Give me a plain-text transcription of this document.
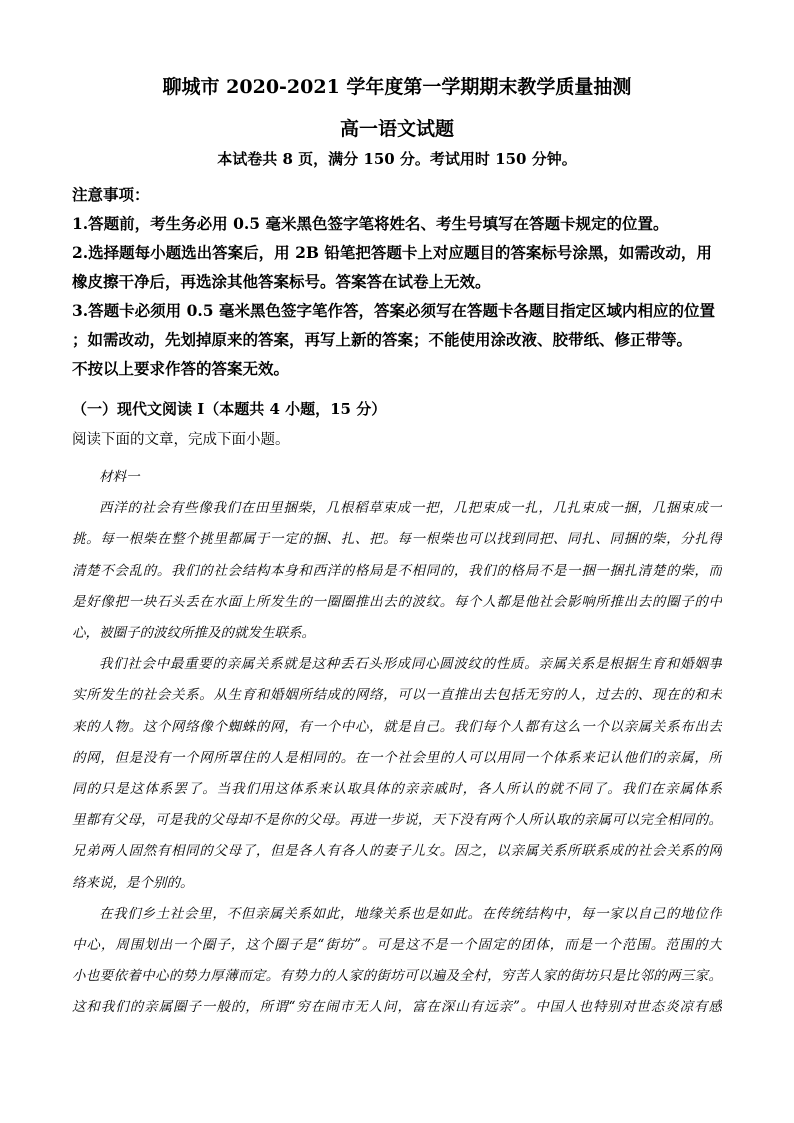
聊城市 2020-2021 学年度第一学期期末教学质量抽测
高一语文试题
本试卷共 8 页，满分 150 分。考试用时 150 分钟。
注意事项：
1.答题前，考生务必用 0.5 毫米黑色签字笔将姓名、考生号填写在答题卡规定的位置。
2.选择题每小题选出答案后，用 2B 铅笔把答题卡上对应题目的答案标号涂黑，如需改动，用
橡皮擦干净后，再选涂其他答案标号。答案答在试卷上无效。
3.答题卡必须用 0.5 毫米黑色签字笔作答，答案必须写在答题卡各题目指定区域内相应的位置
；如需改动，先划掉原来的答案，再写上新的答案；不能使用涂改液、胶带纸、修正带等。
不按以上要求作答的答案无效。
（一）现代文阅读 I（本题共 4 小题，15 分）
阅读下面的文章，完成下面小题。
材料一
西洋的社会有些像我们在田里捆柴，几根稻草束成一把，几把束成一扎，几扎束成一捆，几捆束成一
挑。每一根柴在整个挑里都属于一定的捆、扎、把。每一根柴也可以找到同把、同扎、同捆的柴，分扎得
清楚不会乱的。我们的社会结构本身和西洋的格局是不相同的，我们的格局不是一捆一捆扎清楚的柴，而
是好像把一块石头丢在水面上所发生的一圈圈推出去的波纹。每个人都是他社会影响所推出去的圈子的中
心，被圈子的波纹所推及的就发生联系。
我们社会中最重要的亲属关系就是这种丢石头形成同心圆波纹的性质。亲属关系是根据生育和婚姻事
实所发生的社会关系。从生育和婚姻所结成的网络，可以一直推出去包括无穷的人，过去的、现在的和未
来的人物。这个网络像个蜘蛛的网，有一个中心，就是自己。我们每个人都有这么一个以亲属关系布出去
的网，但是没有一个网所罩住的人是相同的。在一个社会里的人可以用同一个体系来记认他们的亲属，所
同的只是这体系罢了。当我们用这体系来认取具体的亲亲戚时，各人所认的就不同了。我们在亲属体系
里都有父母，可是我的父母却不是你的父母。再进一步说，天下没有两个人所认取的亲属可以完全相同的。
兄弟两人固然有相同的父母了，但是各人有各人的妻子儿女。因之，以亲属关系所联系成的社会关系的网
络来说，是个别的。
在我们乡土社会里，不但亲属关系如此，地缘关系也是如此。在传统结构中，每一家以自己的地位作
中心，周围划出一个圈子，这个圈子是“街坊”。可是这不是一个固定的团体，而是一个范围。范围的大
小也要依着中心的势力厚薄而定。有势力的人家的街坊可以遍及全村，穷苦人家的街坊只是比邻的两三家。
这和我们的亲属圈子一般的，所谓“穷在闹市无人问，富在深山有远亲”。中国人也特别对世态炎凉有感
